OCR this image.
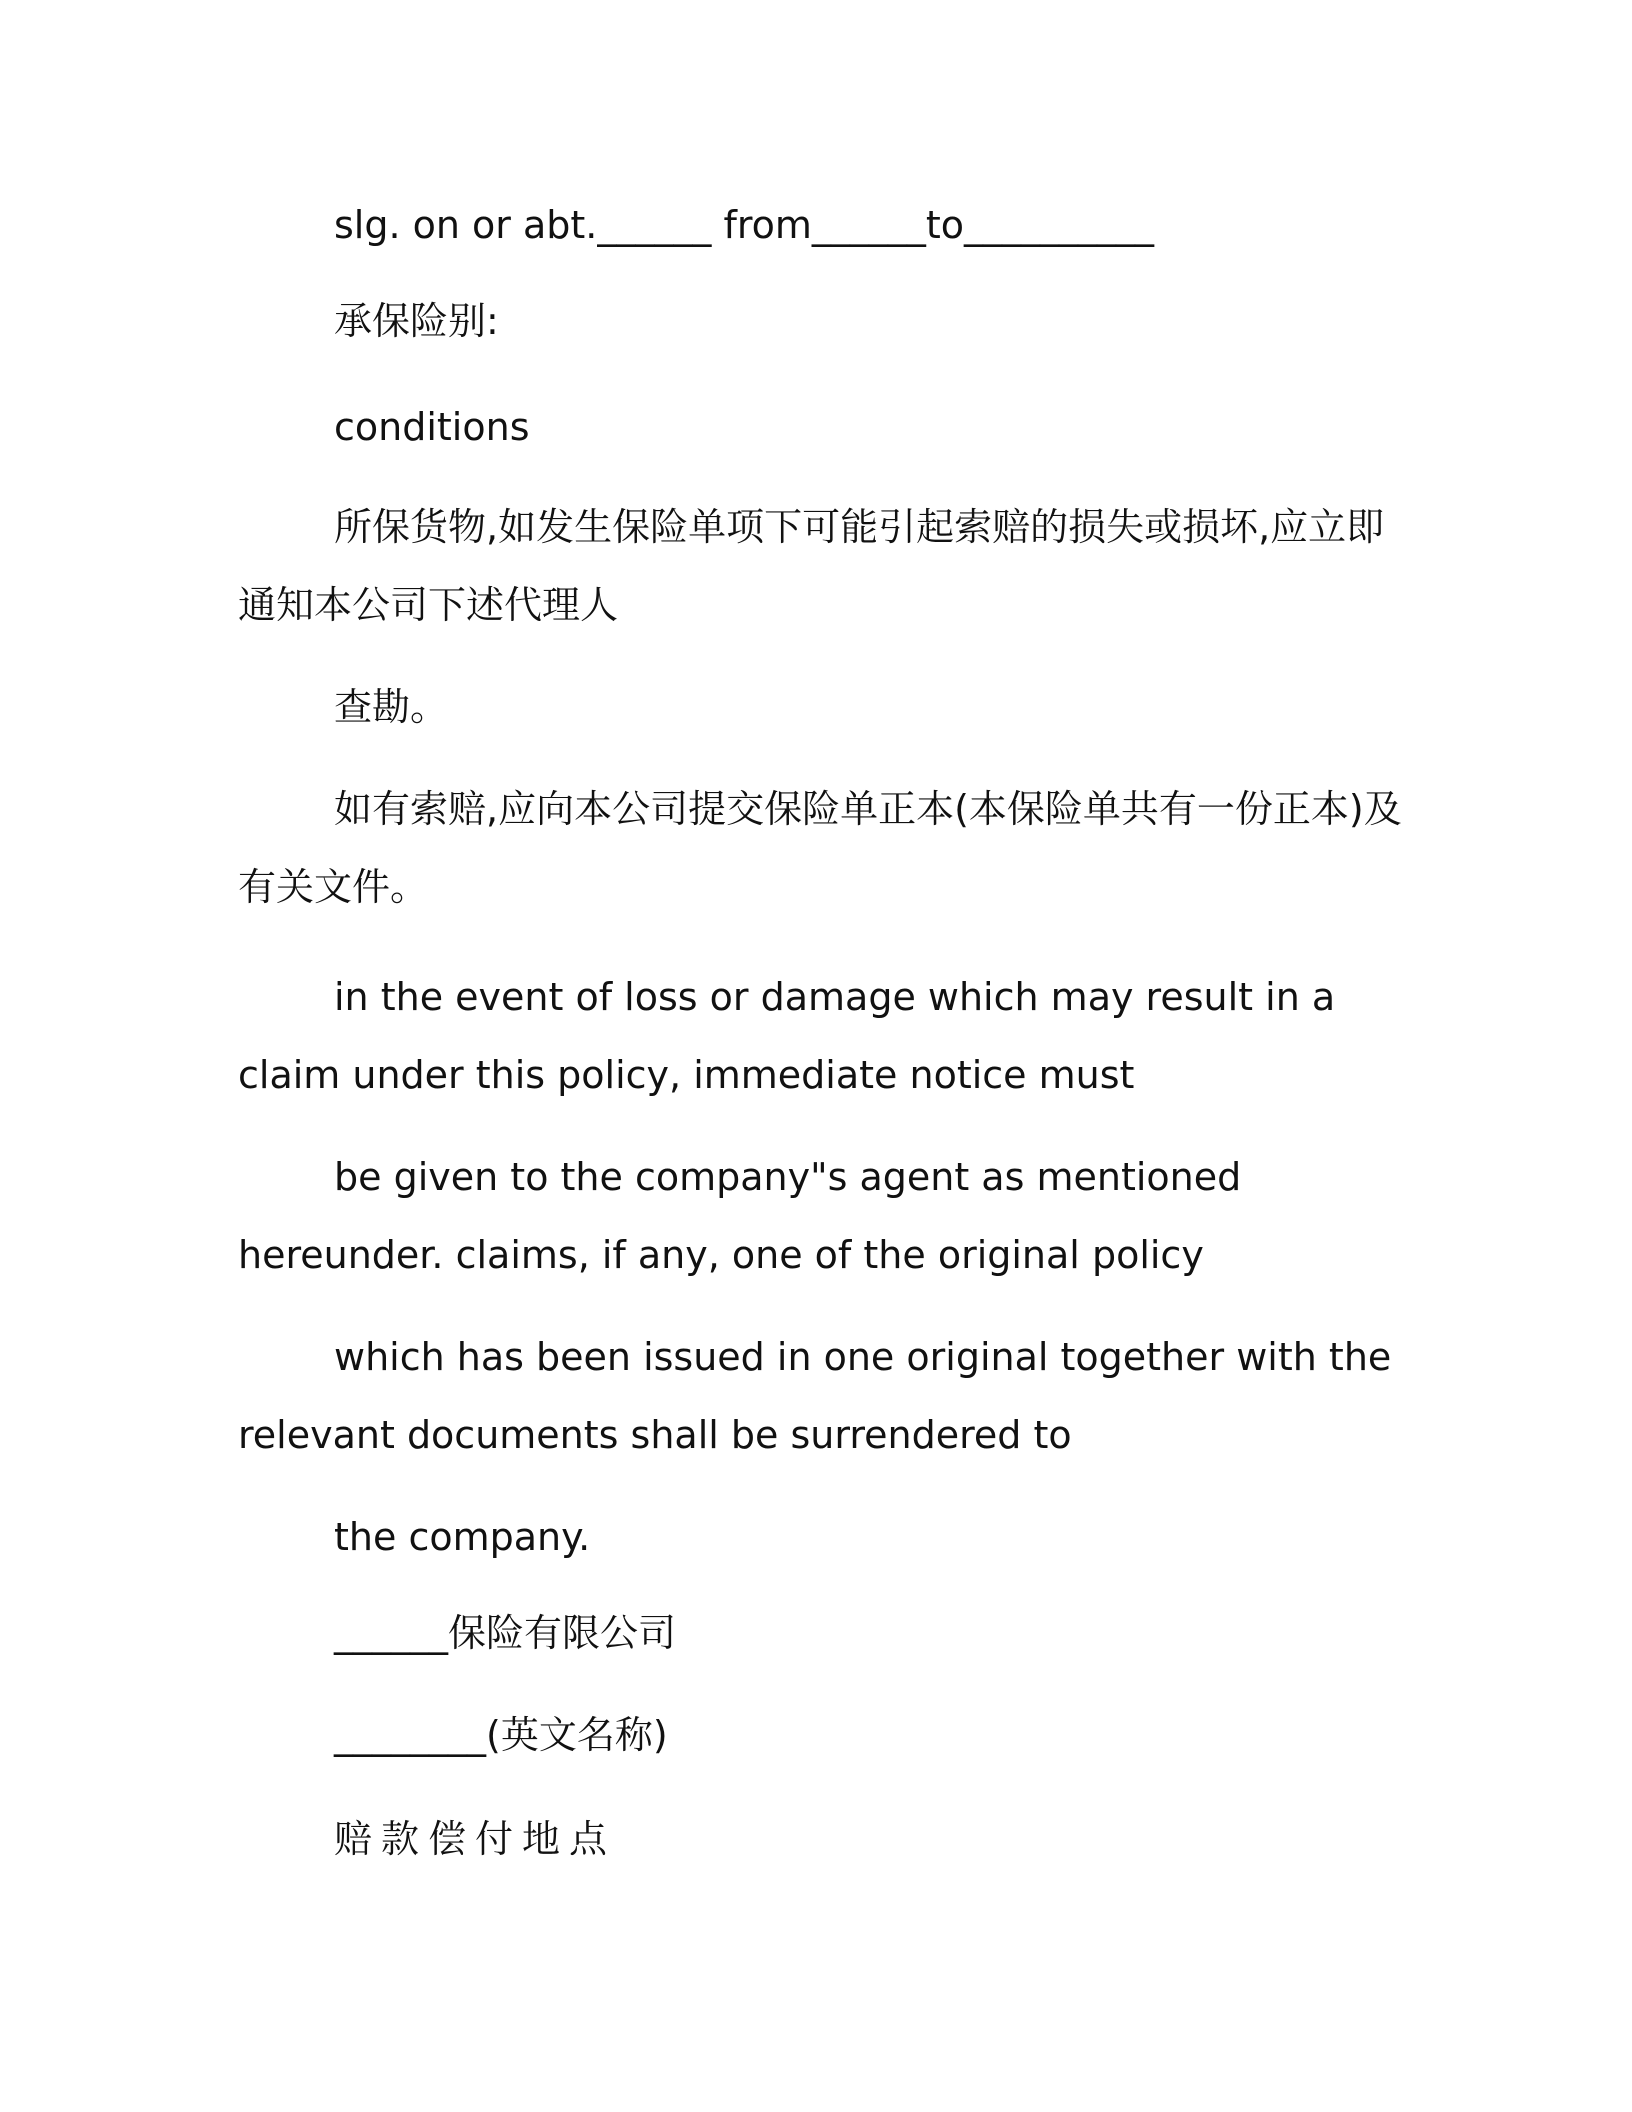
slg. on or abt.______ from______to__________

承保险别:

conditions

所保货物,如发生保险单项下可能引起索赔的损失或损坏,应立即通知本公司下述代理人

查勘。

如有索赔,应向本公司提交保险单正本(本保险单共有一份正本)及有关文件。

in the event of loss or damage which may result in a claim under this policy, immediate notice must

be given to the company"s agent as mentioned hereunder. claims, if any, one of the original policy

which has been issued in one original together with the relevant documents shall be surrendered to

the company.

______保险有限公司

________(英文名称)

赔款偿付地点
